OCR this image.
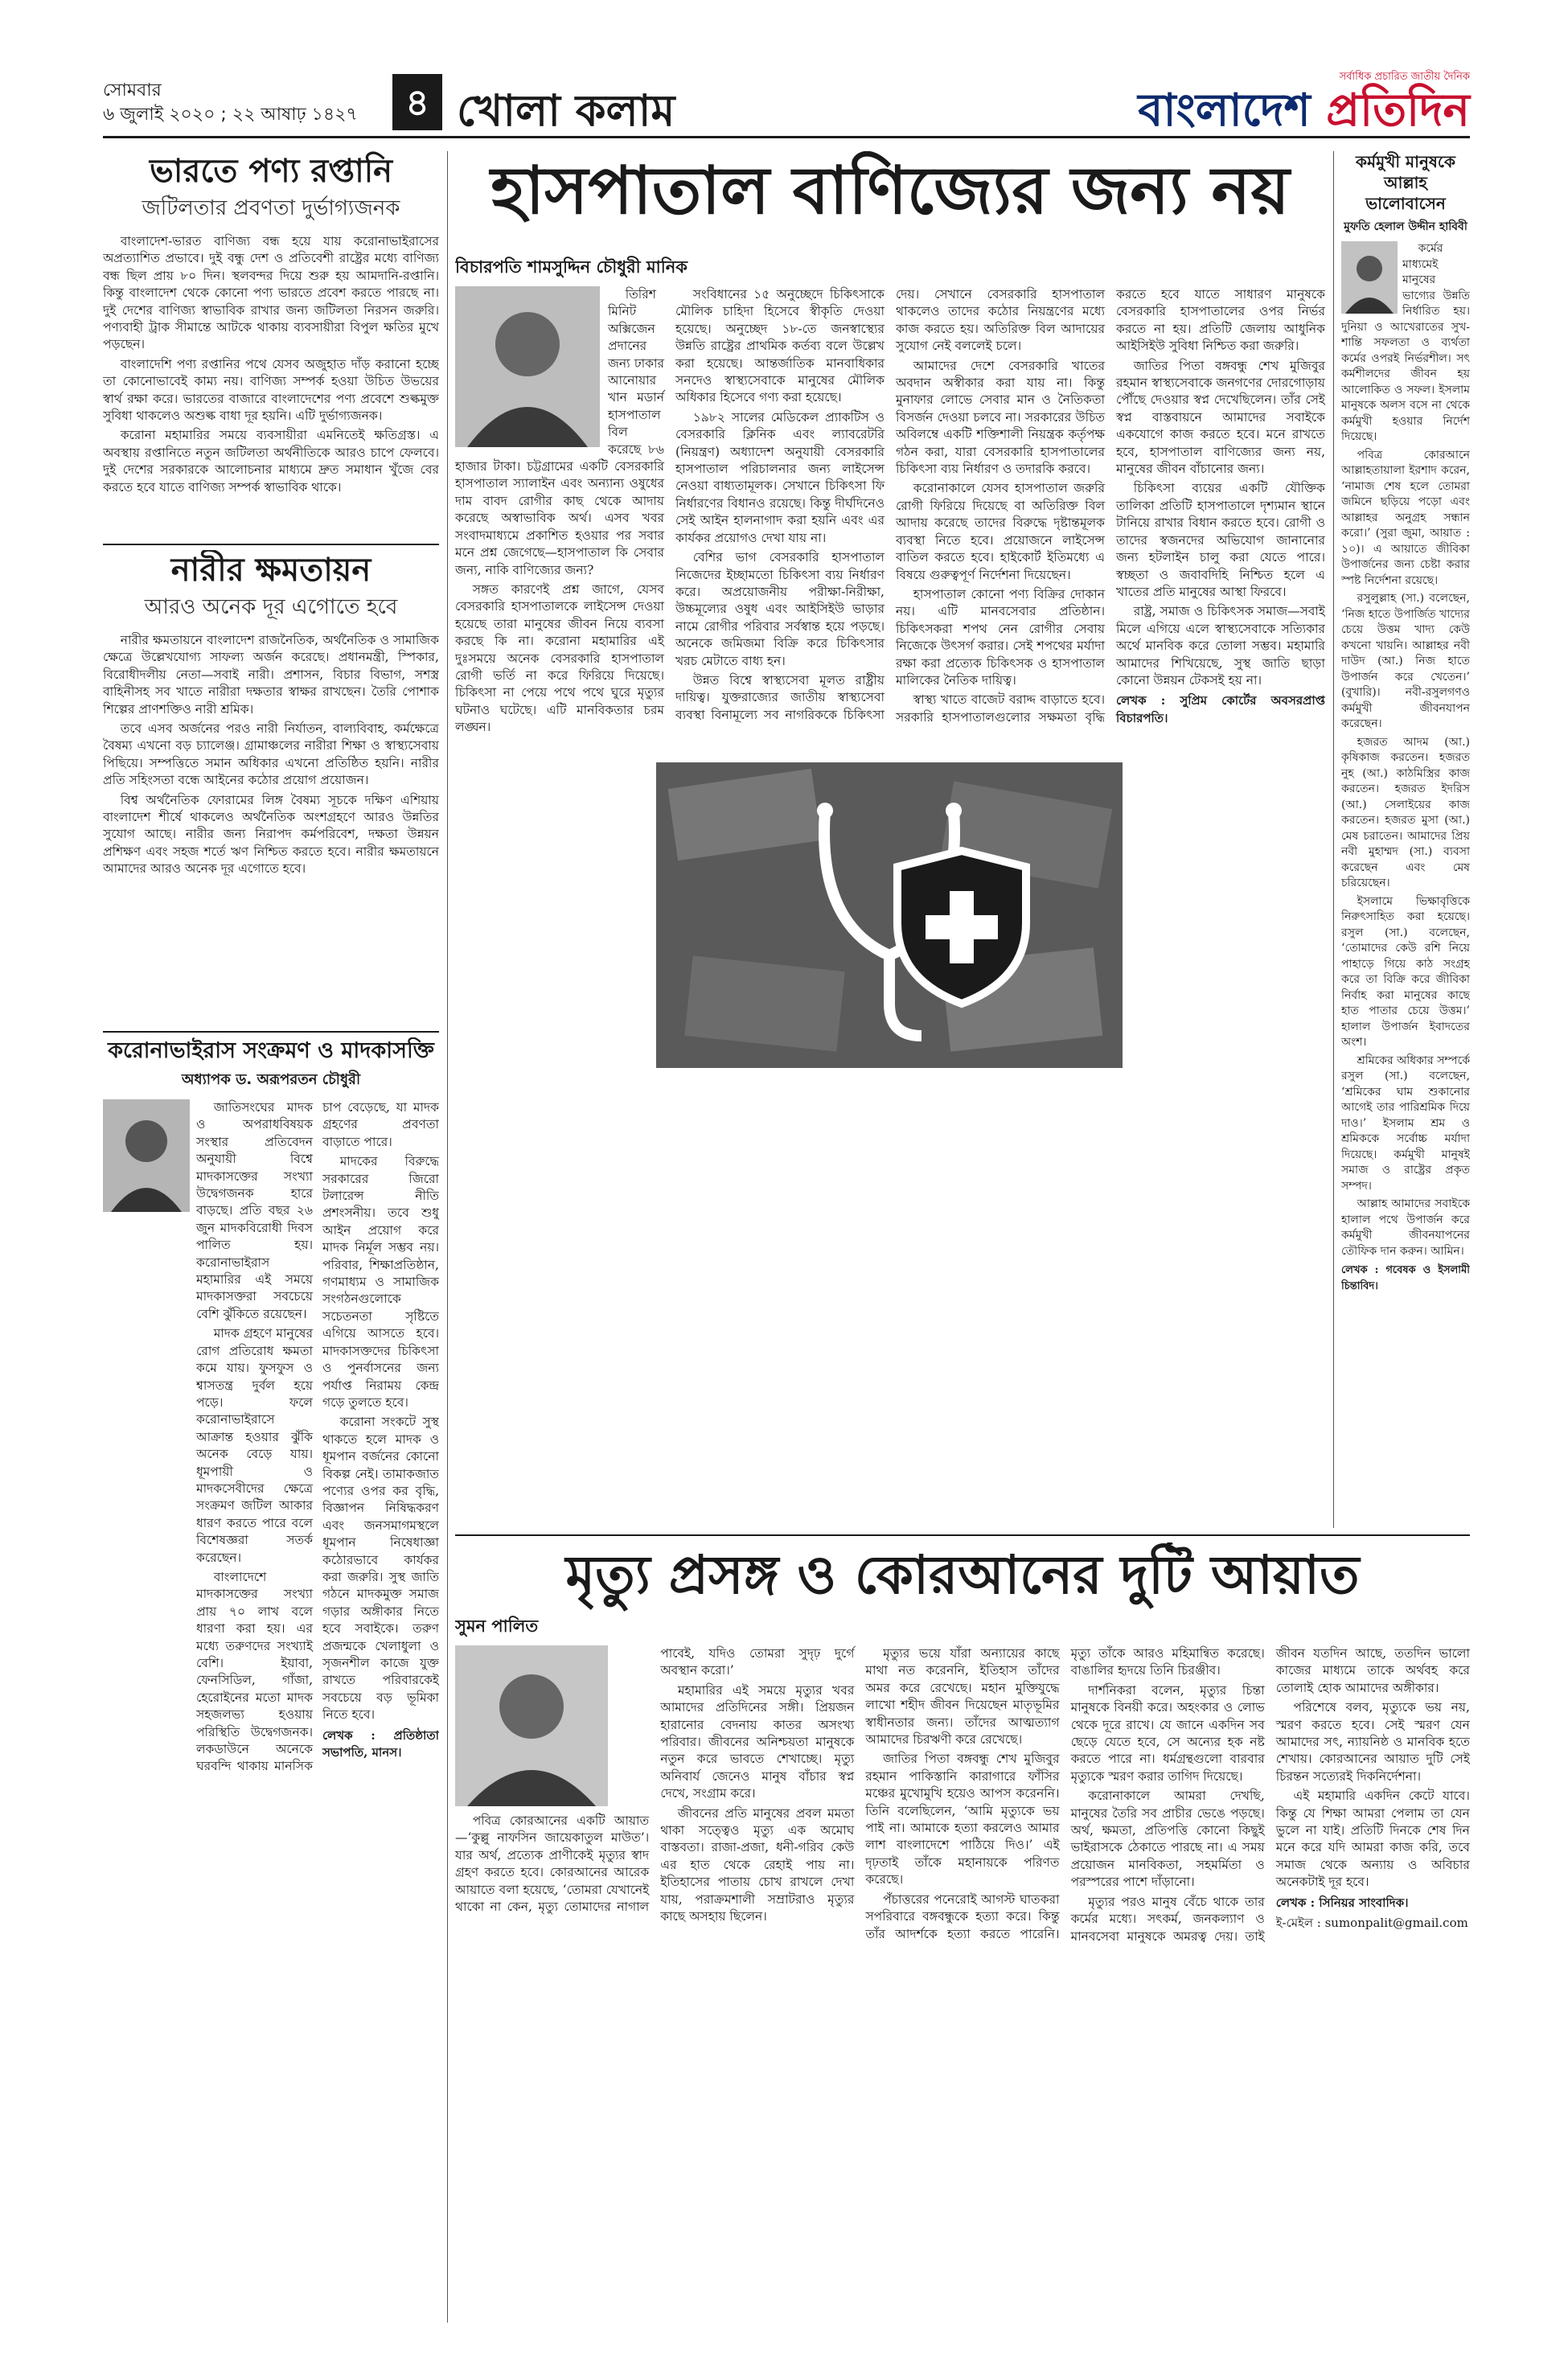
সোমবার
৬ জুলাই ২০২০ ; ২২ আষাঢ় ১৪২৭	৪ খোলা কলাম
সর্বাধিক প্রচারিত জাতীয় দৈনিক
বাংলাদেশ প্রতিদিন
ভারতে পণ্য রপ্তানি
জটিলতার প্রবণতা দুর্ভাগ্যজনক

বাংলাদেশ-ভারত বাণিজ্য বন্ধ হয়ে যায় করোনাভাইরাসের অপ্রত্যাশিত প্রভাবে। দুই বন্ধু দেশ ও প্রতিবেশী রাষ্ট্রের মধ্যে বাণিজ্য বন্ধ ছিল প্রায় ৮০ দিন। স্থলবন্দর দিয়ে শুরু হয় আমদানি-রপ্তানি। কিন্তু বাংলাদেশ থেকে কোনো পণ্য ভারতে প্রবেশ করতে পারছে না। দুই দেশের বাণিজ্য স্বাভাবিক রাখার জন্য জটিলতা নিরসন জরুরি। পণ্যবাহী ট্রাক সীমান্তে আটকে থাকায় ব্যবসায়ীরা বিপুল ক্ষতির মুখে পড়ছেন।

বাংলাদেশি পণ্য রপ্তানির পথে যেসব অজুহাত দাঁড় করানো হচ্ছে তা কোনোভাবেই কাম্য নয়। বাণিজ্য সম্পর্ক হওয়া উচিত উভয়ের স্বার্থ রক্ষা করে। ভারতের বাজারে বাংলাদেশের পণ্য প্রবেশে শুল্কমুক্ত সুবিধা থাকলেও অশুল্ক বাধা দূর হয়নি। এটি দুর্ভাগ্যজনক।

করোনা মহামারির সময়ে ব্যবসায়ীরা এমনিতেই ক্ষতিগ্রস্ত। এ অবস্থায় রপ্তানিতে নতুন জটিলতা অর্থনীতিকে আরও চাপে ফেলবে। দুই দেশের সরকারকে আলোচনার মাধ্যমে দ্রুত সমাধান খুঁজে বের করতে হবে যাতে বাণিজ্য সম্পর্ক স্বাভাবিক থাকে।

নারীর ক্ষমতায়ন
আরও অনেক দূর এগোতে হবে

নারীর ক্ষমতায়নে বাংলাদেশ রাজনৈতিক, অর্থনৈতিক ও সামাজিক ক্ষেত্রে উল্লেখযোগ্য সাফল্য অর্জন করেছে। প্রধানমন্ত্রী, স্পিকার, বিরোধীদলীয় নেতা—সবাই নারী। প্রশাসন, বিচার বিভাগ, সশস্ত্র বাহিনীসহ সব খাতে নারীরা দক্ষতার স্বাক্ষর রাখছেন। তৈরি পোশাক শিল্পের প্রাণশক্তিও নারী শ্রমিক।

তবে এসব অর্জনের পরও নারী নির্যাতন, বাল্যবিবাহ, কর্মক্ষেত্রে বৈষম্য এখনো বড় চ্যালেঞ্জ। গ্রামাঞ্চলের নারীরা শিক্ষা ও স্বাস্থ্যসেবায় পিছিয়ে। সম্পত্তিতে সমান অধিকার এখনো প্রতিষ্ঠিত হয়নি। নারীর প্রতি সহিংসতা বন্ধে আইনের কঠোর প্রয়োগ প্রয়োজন।

বিশ্ব অর্থনৈতিক ফোরামের লিঙ্গ বৈষম্য সূচকে দক্ষিণ এশিয়ায় বাংলাদেশ শীর্ষে থাকলেও অর্থনৈতিক অংশগ্রহণে আরও উন্নতির সুযোগ আছে। নারীর জন্য নিরাপদ কর্মপরিবেশ, দক্ষতা উন্নয়ন প্রশিক্ষণ এবং সহজ শর্তে ঋণ নিশ্চিত করতে হবে। নারীর ক্ষমতায়নে আমাদের আরও অনেক দূর এগোতে হবে।

করোনাভাইরাস সংক্রমণ ও মাদকাসক্তি
অধ্যাপক ড. অরূপরতন চৌধুরী

জাতিসংঘের মাদক ও অপরাধবিষয়ক সংস্থার প্রতিবেদন অনুযায়ী বিশ্বে মাদকাসক্তের সংখ্যা উদ্বেগজনক হারে বাড়ছে। প্রতি বছর ২৬ জুন মাদকবিরোধী দিবস পালিত হয়। করোনাভাইরাস মহামারির এই সময়ে মাদকাসক্তরা সবচেয়ে বেশি ঝুঁকিতে রয়েছেন।

মাদক গ্রহণে মানুষের রোগ প্রতিরোধ ক্ষমতা কমে যায়। ফুসফুস ও শ্বাসতন্ত্র দুর্বল হয়ে পড়ে। ফলে করোনাভাইরাসে আক্রান্ত হওয়ার ঝুঁকি অনেক বেড়ে যায়। ধূমপায়ী ও মাদকসেবীদের ক্ষেত্রে সংক্রমণ জটিল আকার ধারণ করতে পারে বলে বিশেষজ্ঞরা সতর্ক করেছেন।

বাংলাদেশে মাদকাসক্তের সংখ্যা প্রায় ৭০ লাখ বলে ধারণা করা হয়। এর মধ্যে তরুণদের সংখ্যাই বেশি। ইয়াবা, ফেনসিডিল, গাঁজা, হেরোইনের মতো মাদক সহজলভ্য হওয়ায় পরিস্থিতি উদ্বেগজনক। লকডাউনে অনেকে ঘরবন্দি থাকায় মানসিক চাপ বেড়েছে, যা মাদক গ্রহণের প্রবণতা বাড়াতে পারে।

মাদকের বিরুদ্ধে সরকারের জিরো টলারেন্স নীতি প্রশংসনীয়। তবে শুধু আইন প্রয়োগ করে মাদক নির্মূল সম্ভব নয়। পরিবার, শিক্ষাপ্রতিষ্ঠান, গণমাধ্যম ও সামাজিক সংগঠনগুলোকে সচেতনতা সৃষ্টিতে এগিয়ে আসতে হবে। মাদকাসক্তদের চিকিৎসা ও পুনর্বাসনের জন্য পর্যাপ্ত নিরাময় কেন্দ্র গড়ে তুলতে হবে।

করোনা সংকটে সুস্থ থাকতে হলে মাদক ও ধূমপান বর্জনের কোনো বিকল্প নেই। তামাকজাত পণ্যের ওপর কর বৃদ্ধি, বিজ্ঞাপন নিষিদ্ধকরণ এবং জনসমাগমস্থলে ধূমপান নিষেধাজ্ঞা কঠোরভাবে কার্যকর করা জরুরি। সুস্থ জাতি গঠনে মাদকমুক্ত সমাজ গড়ার অঙ্গীকার নিতে হবে সবাইকে। তরুণ প্রজন্মকে খেলাধুলা ও সৃজনশীল কাজে যুক্ত রাখতে পরিবারকেই সবচেয়ে বড় ভূমিকা নিতে হবে।

লেখক : প্রতিষ্ঠাতা সভাপতি, মানস।
হাসপাতাল বাণিজ্যের জন্য নয়
বিচারপতি শামসুদ্দিন চৌধুরী মানিক

তিরিশ মিনিট অক্সিজেন প্রদানের জন্য ঢাকার আনোয়ার খান মডার্ন হাসপাতাল বিল করেছে ৮৬ হাজার টাকা। চট্টগ্রামের একটি বেসরকারি হাসপাতাল স্যালাইন এবং অন্যান্য ওষুধের দাম বাবদ রোগীর কাছ থেকে আদায় করেছে অস্বাভাবিক অর্থ। এসব খবর সংবাদমাধ্যমে প্রকাশিত হওয়ার পর সবার মনে প্রশ্ন জেগেছে—হাসপাতাল কি সেবার জন্য, নাকি বাণিজ্যের জন্য?

সঙ্গত কারণেই প্রশ্ন জাগে, যেসব বেসরকারি হাসপাতালকে লাইসেন্স দেওয়া হয়েছে তারা মানুষের জীবন নিয়ে ব্যবসা করছে কি না। করোনা মহামারির এই দুঃসময়ে অনেক বেসরকারি হাসপাতাল রোগী ভর্তি না করে ফিরিয়ে দিয়েছে। চিকিৎসা না পেয়ে পথে পথে ঘুরে মৃত্যুর ঘটনাও ঘটেছে। এটি মানবিকতার চরম লঙ্ঘন।

সংবিধানের ১৫ অনুচ্ছেদে চিকিৎসাকে মৌলিক চাহিদা হিসেবে স্বীকৃতি দেওয়া হয়েছে। অনুচ্ছেদ ১৮-তে জনস্বাস্থ্যের উন্নতি রাষ্ট্রের প্রাথমিক কর্তব্য বলে উল্লেখ করা হয়েছে। আন্তর্জাতিক মানবাধিকার সনদেও স্বাস্থ্যসেবাকে মানুষের মৌলিক অধিকার হিসেবে গণ্য করা হয়েছে।

১৯৮২ সালের মেডিকেল প্র্যাকটিস ও বেসরকারি ক্লিনিক এবং ল্যাবরেটরি (নিয়ন্ত্রণ) অধ্যাদেশ অনুযায়ী বেসরকারি হাসপাতাল পরিচালনার জন্য লাইসেন্স নেওয়া বাধ্যতামূলক। সেখানে চিকিৎসা ফি নির্ধারণের বিধানও রয়েছে। কিন্তু দীর্ঘদিনেও সেই আইন হালনাগাদ করা হয়নি এবং এর কার্যকর প্রয়োগও দেখা যায় না।

বেশির ভাগ বেসরকারি হাসপাতাল নিজেদের ইচ্ছামতো চিকিৎসা ব্যয় নির্ধারণ করে। অপ্রয়োজনীয় পরীক্ষা-নিরীক্ষা, উচ্চমূল্যের ওষুধ এবং আইসিইউ ভাড়ার নামে রোগীর পরিবার সর্বস্বান্ত হয়ে পড়ছে। অনেকে জমিজমা বিক্রি করে চিকিৎসার খরচ মেটাতে বাধ্য হন।

উন্নত বিশ্বে স্বাস্থ্যসেবা মূলত রাষ্ট্রীয় দায়িত্ব। যুক্তরাজ্যের জাতীয় স্বাস্থ্যসেবা ব্যবস্থা বিনামূল্যে সব নাগরিককে চিকিৎসা দেয়। সেখানে বেসরকারি হাসপাতাল থাকলেও তাদের কঠোর নিয়ন্ত্রণের মধ্যে কাজ করতে হয়। অতিরিক্ত বিল আদায়ের সুযোগ নেই বললেই চলে।

আমাদের দেশে বেসরকারি খাতের অবদান অস্বীকার করা যায় না। কিন্তু মুনাফার লোভে সেবার মান ও নৈতিকতা বিসর্জন দেওয়া চলবে না। সরকারের উচিত অবিলম্বে একটি শক্তিশালী নিয়ন্ত্রক কর্তৃপক্ষ গঠন করা, যারা বেসরকারি হাসপাতালের চিকিৎসা ব্যয় নির্ধারণ ও তদারকি করবে।

করোনাকালে যেসব হাসপাতাল জরুরি রোগী ফিরিয়ে দিয়েছে বা অতিরিক্ত বিল আদায় করেছে তাদের বিরুদ্ধে দৃষ্টান্তমূলক ব্যবস্থা নিতে হবে। প্রয়োজনে লাইসেন্স বাতিল করতে হবে। হাইকোর্ট ইতিমধ্যে এ বিষয়ে গুরুত্বপূর্ণ নির্দেশনা দিয়েছেন।

হাসপাতাল কোনো পণ্য বিক্রির দোকান নয়। এটি মানবসেবার প্রতিষ্ঠান। চিকিৎসকরা শপথ নেন রোগীর সেবায় নিজেকে উৎসর্গ করার। সেই শপথের মর্যাদা রক্ষা করা প্রত্যেক চিকিৎসক ও হাসপাতাল মালিকের নৈতিক দায়িত্ব।

স্বাস্থ্য খাতে বাজেট বরাদ্দ বাড়াতে হবে। সরকারি হাসপাতালগুলোর সক্ষমতা বৃদ্ধি করতে হবে যাতে সাধারণ মানুষকে বেসরকারি হাসপাতালের ওপর নির্ভর করতে না হয়। প্রতিটি জেলায় আধুনিক আইসিইউ সুবিধা নিশ্চিত করা জরুরি।

জাতির পিতা বঙ্গবন্ধু শেখ মুজিবুর রহমান স্বাস্থ্যসেবাকে জনগণের দোরগোড়ায় পৌঁছে দেওয়ার স্বপ্ন দেখেছিলেন। তাঁর সেই স্বপ্ন বাস্তবায়নে আমাদের সবাইকে একযোগে কাজ করতে হবে। মনে রাখতে হবে, হাসপাতাল বাণিজ্যের জন্য নয়, মানুষের জীবন বাঁচানোর জন্য।

চিকিৎসা ব্যয়ের একটি যৌক্তিক তালিকা প্রতিটি হাসপাতালে দৃশ্যমান স্থানে টানিয়ে রাখার বিধান করতে হবে। রোগী ও তাদের স্বজনদের অভিযোগ জানানোর জন্য হটলাইন চালু করা যেতে পারে। স্বচ্ছতা ও জবাবদিহি নিশ্চিত হলে এ খাতের প্রতি মানুষের আস্থা ফিরবে।

রাষ্ট্র, সমাজ ও চিকিৎসক সমাজ—সবাই মিলে এগিয়ে এলে স্বাস্থ্যসেবাকে সত্যিকার অর্থে মানবিক করে তোলা সম্ভব। মহামারি আমাদের শিখিয়েছে, সুস্থ জাতি ছাড়া কোনো উন্নয়ন টেকসই হয় না।

লেখক : সুপ্রিম কোর্টের অবসরপ্রাপ্ত বিচারপতি।
কর্মমুখী মানুষকে
আল্লাহ ভালোবাসেন
মুফতি হেলাল উদ্দীন হাবিবী

কর্মের মাধ্যমেই মানুষের ভাগ্যের উন্নতি নির্ধারিত হয়। দুনিয়া ও আখেরাতের সুখ-শান্তি সফলতা ও ব্যর্থতা কর্মের ওপরই নির্ভরশীল। সৎ কর্মশীলদের জীবন হয় আলোকিত ও সফল। ইসলাম মানুষকে অলস বসে না থেকে কর্মমুখী হওয়ার নির্দেশ দিয়েছে।

পবিত্র কোরআনে আল্লাহতায়ালা ইরশাদ করেন, ‘নামাজ শেষ হলে তোমরা জমিনে ছড়িয়ে পড়ো এবং আল্লাহর অনুগ্রহ সন্ধান করো।’ (সুরা জুমা, আয়াত : ১০)। এ আয়াতে জীবিকা উপার্জনের জন্য চেষ্টা করার স্পষ্ট নির্দেশনা রয়েছে।

রসুলুল্লাহ (সা.) বলেছেন, ‘নিজ হাতে উপার্জিত খাদ্যের চেয়ে উত্তম খাদ্য কেউ কখনো খায়নি। আল্লাহর নবী দাউদ (আ.) নিজ হাতে উপার্জন করে খেতেন।’ (বুখারি)। নবী-রসুলগণও কর্মমুখী জীবনযাপন করেছেন।

হজরত আদম (আ.) কৃষিকাজ করতেন। হজরত নুহ (আ.) কাঠমিস্ত্রির কাজ করতেন। হজরত ইদরিস (আ.) সেলাইয়ের কাজ করতেন। হজরত মুসা (আ.) মেষ চরাতেন। আমাদের প্রিয় নবী মুহাম্মদ (সা.) ব্যবসা করেছেন এবং মেষ চরিয়েছেন।

ইসলামে ভিক্ষাবৃত্তিকে নিরুৎসাহিত করা হয়েছে। রসুল (সা.) বলেছেন, ‘তোমাদের কেউ রশি নিয়ে পাহাড়ে গিয়ে কাঠ সংগ্রহ করে তা বিক্রি করে জীবিকা নির্বাহ করা মানুষের কাছে হাত পাতার চেয়ে উত্তম।’ হালাল উপার্জন ইবাদতের অংশ।

শ্রমিকের অধিকার সম্পর্কে রসুল (সা.) বলেছেন, ‘শ্রমিকের ঘাম শুকানোর আগেই তার পারিশ্রমিক দিয়ে দাও।’ ইসলাম শ্রম ও শ্রমিককে সর্বোচ্চ মর্যাদা দিয়েছে। কর্মমুখী মানুষই সমাজ ও রাষ্ট্রের প্রকৃত সম্পদ।

আল্লাহ আমাদের সবাইকে হালাল পথে উপার্জন করে কর্মমুখী জীবনযাপনের তৌফিক দান করুন। আমিন।

লেখক : গবেষক ও ইসলামী চিন্তাবিদ।
মৃত্যু প্রসঙ্গ ও কোরআনের দুটি আয়াত
সুমন পালিত

পবিত্র কোরআনের একটি আয়াত—‘কুল্লু নাফসিন জায়েকাতুল মাউত’। যার অর্থ, প্রত্যেক প্রাণীকেই মৃত্যুর স্বাদ গ্রহণ করতে হবে। কোরআনের আরেক আয়াতে বলা হয়েছে, ‘তোমরা যেখানেই থাকো না কেন, মৃত্যু তোমাদের নাগাল পাবেই, যদিও তোমরা সুদৃঢ় দুর্গে অবস্থান করো।’

মহামারির এই সময়ে মৃত্যুর খবর আমাদের প্রতিদিনের সঙ্গী। প্রিয়জন হারানোর বেদনায় কাতর অসংখ্য পরিবার। জীবনের অনিশ্চয়তা মানুষকে নতুন করে ভাবতে শেখাচ্ছে। মৃত্যু অনিবার্য জেনেও মানুষ বাঁচার স্বপ্ন দেখে, সংগ্রাম করে।

জীবনের প্রতি মানুষের প্রবল মমতা থাকা সত্ত্বেও মৃত্যু এক অমোঘ বাস্তবতা। রাজা-প্রজা, ধনী-গরিব কেউ এর হাত থেকে রেহাই পায় না। ইতিহাসের পাতায় চোখ রাখলে দেখা যায়, পরাক্রমশালী সম্রাটরাও মৃত্যুর কাছে অসহায় ছিলেন।

মৃত্যুর ভয়ে যাঁরা অন্যায়ের কাছে মাথা নত করেননি, ইতিহাস তাঁদের অমর করে রেখেছে। মহান মুক্তিযুদ্ধে লাখো শহীদ জীবন দিয়েছেন মাতৃভূমির স্বাধীনতার জন্য। তাঁদের আত্মত্যাগ আমাদের চিরঋণী করে রেখেছে।

জাতির পিতা বঙ্গবন্ধু শেখ মুজিবুর রহমান পাকিস্তানি কারাগারে ফাঁসির মঞ্চের মুখোমুখি হয়েও আপস করেননি। তিনি বলেছিলেন, ‘আমি মৃত্যুকে ভয় পাই না। আমাকে হত্যা করলেও আমার লাশ বাংলাদেশে পাঠিয়ে দিও।’ এই দৃঢ়তাই তাঁকে মহানায়কে পরিণত করেছে।

পঁচাত্তরের পনেরোই আগস্ট ঘাতকরা সপরিবারে বঙ্গবন্ধুকে হত্যা করে। কিন্তু তাঁর আদর্শকে হত্যা করতে পারেনি। মৃত্যু তাঁকে আরও মহিমান্বিত করেছে। বাঙালির হৃদয়ে তিনি চিরঞ্জীব।

দার্শনিকরা বলেন, মৃত্যুর চিন্তা মানুষকে বিনয়ী করে। অহংকার ও লোভ থেকে দূরে রাখে। যে জানে একদিন সব ছেড়ে যেতে হবে, সে অন্যের হক নষ্ট করতে পারে না। ধর্মগ্রন্থগুলো বারবার মৃত্যুকে স্মরণ করার তাগিদ দিয়েছে।

করোনাকালে আমরা দেখছি, মানুষের তৈরি সব প্রাচীর ভেঙে পড়ছে। অর্থ, ক্ষমতা, প্রতিপত্তি কোনো কিছুই ভাইরাসকে ঠেকাতে পারছে না। এ সময় প্রয়োজন মানবিকতা, সহমর্মিতা ও পরস্পরের পাশে দাঁড়ানো।

মৃত্যুর পরও মানুষ বেঁচে থাকে তার কর্মের মধ্যে। সৎকর্ম, জনকল্যাণ ও মানবসেবা মানুষকে অমরত্ব দেয়। তাই জীবন যতদিন আছে, ততদিন ভালো কাজের মাধ্যমে তাকে অর্থবহ করে তোলাই হোক আমাদের অঙ্গীকার।

পরিশেষে বলব, মৃত্যুকে ভয় নয়, স্মরণ করতে হবে। সেই স্মরণ যেন আমাদের সৎ, ন্যায়নিষ্ঠ ও মানবিক হতে শেখায়। কোরআনের আয়াত দুটি সেই চিরন্তন সত্যেরই দিকনির্দেশনা।

এই মহামারি একদিন কেটে যাবে। কিন্তু যে শিক্ষা আমরা পেলাম তা যেন ভুলে না যাই। প্রতিটি দিনকে শেষ দিন মনে করে যদি আমরা কাজ করি, তবে সমাজ থেকে অন্যায় ও অবিচার অনেকটাই দূর হবে।

লেখক : সিনিয়র সাংবাদিক।
ই-মেইল : sumonpalit@gmail.com
